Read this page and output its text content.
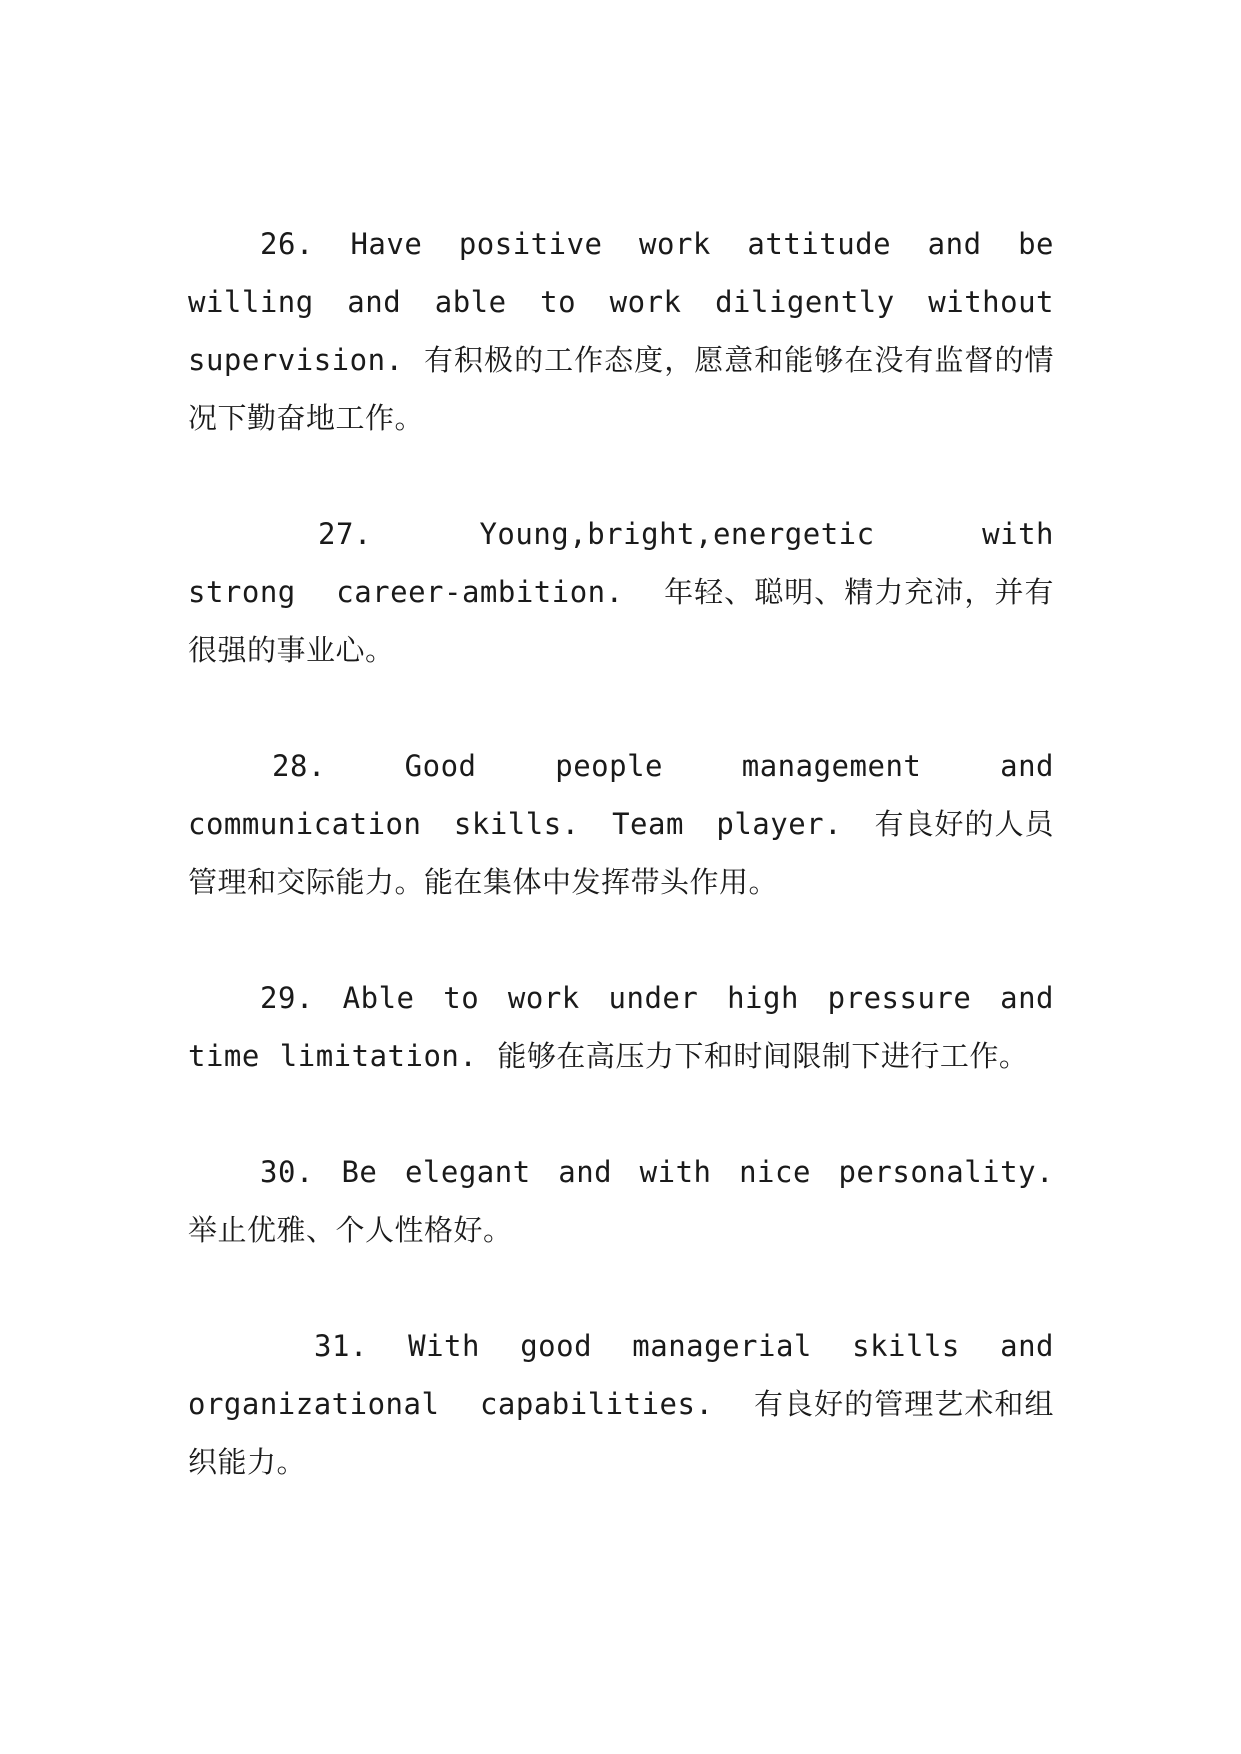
26. Have positive work attitude and be willing and able to work diligently without supervision. 有积极的工作态度，愿意和能够在没有监督的情况下勤奋地工作。

27.	Young,bright,energetic with strong career-ambition. 年轻、聪明、精力充沛，并有很强的事业心。

28.	Good people management and communication skills. Team player. 有良好的人员管理和交际能力。能在集体中发挥带头作用。

29. Able to work under high pressure and time limitation. 能够在高压力下和时间限制下进行工作。

30. Be elegant and with nice personality. 举止优雅、个人性格好。

31. With good managerial skills and organizational capabilities. 有良好的管理艺术和组织能力。
